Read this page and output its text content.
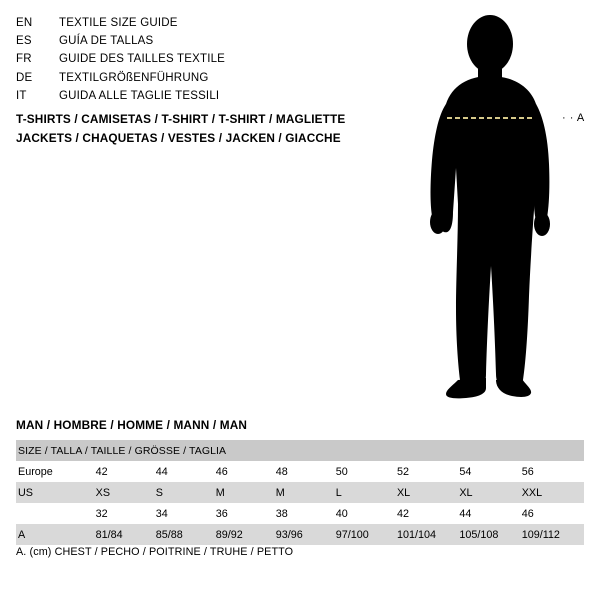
EN	TEXTILE SIZE GUIDE
ES	GUÍA DE TALLAS
FR	GUIDE DES TAILLES TEXTILE
DE	TEXTILGRÖßENFÜHRUNG
IT	GUIDA ALLE TAGLIE TESSILI
T-SHIRTS / CAMISETAS / T-SHIRT / T-SHIRT / MAGLIETTE
JACKETS / CHAQUETAS / VESTES / JACKEN / GIACCHE
· · A
MAN / HOMBRE / HOMME / MANN / MAN
SIZE / TALLA / TAILLE / GRÖSSE / TAGLIA								
Europe	42	44	46	48	50	52	54	56
US	XS	S	M	M	L	XL	XL	XXL
	32	34	36	38	40	42	44	46
A	81/84	85/88	89/92	93/96	97/100	101/104	105/108	109/112
A. (cm) CHEST / PECHO / POITRINE / TRUHE / PETTO
